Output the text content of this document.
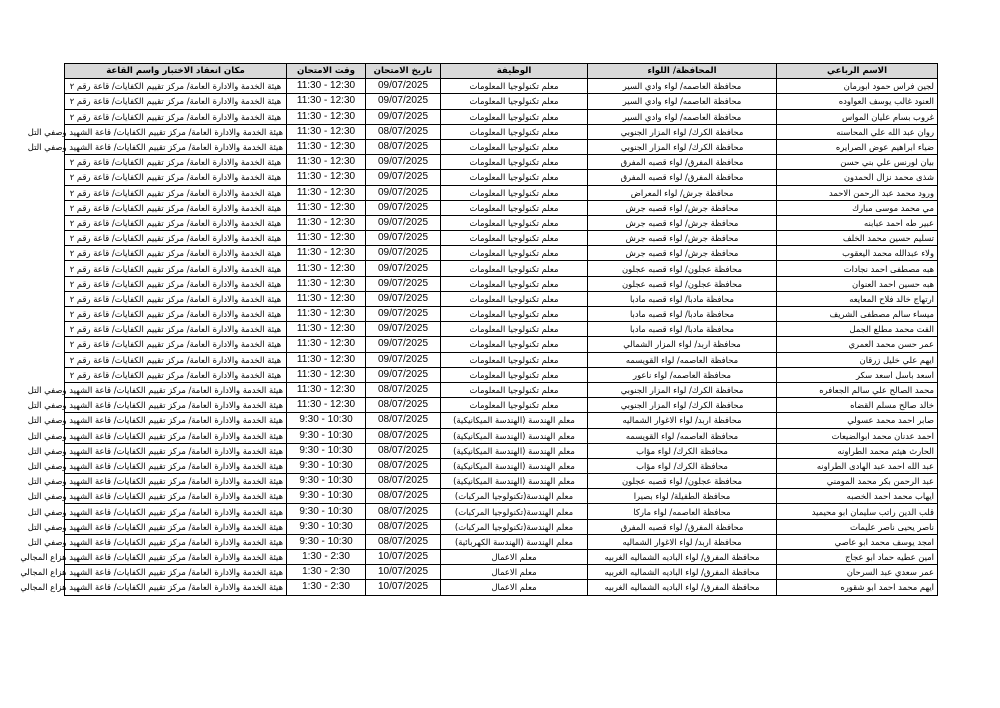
الاسم الرباعي	المحافظة/ اللواء	الوظيفة	تاريخ الامتحان	وقت الامتحان	مكان انعقاد الاختبار واسم القاعة
لجين فراس حمود ابورمان	محافظة العاصمه/ لواء وادي السير	معلم تكنولوجيا المعلومات	09/07/2025	11:30 - 12:30	هيئة الخدمة والادارة العامة/ مركز تقييم الكفايات/ قاعة رقم ٢
العنود غالب يوسف العواوده	محافظة العاصمه/ لواء وادي السير	معلم تكنولوجيا المعلومات	09/07/2025	11:30 - 12:30	هيئة الخدمة والادارة العامة/ مركز تقييم الكفايات/ قاعة رقم ٢
غروب بسام عليان المواس	محافظة العاصمه/ لواء وادي السير	معلم تكنولوجيا المعلومات	09/07/2025	11:30 - 12:30	هيئة الخدمة والادارة العامة/ مركز تقييم الكفايات/ قاعة رقم ٢
روان عبد الله علي المحاسنه	محافظة الكرك/ لواء المزار الجنوبي	معلم تكنولوجيا المعلومات	08/07/2025	11:30 - 12:30	هيئة الخدمة والادارة العامة/ مركز تقييم الكفايات/ قاعة الشهيد وصفي التل
ضياء ابراهيم عوض الصرايره	محافظة الكرك/ لواء المزار الجنوبي	معلم تكنولوجيا المعلومات	08/07/2025	11:30 - 12:30	هيئة الخدمة والادارة العامة/ مركز تقييم الكفايات/ قاعة الشهيد وصفي التل
بيان لورنس علي بني حسن	محافظة المفرق/ لواء قصبه المفرق	معلم تكنولوجيا المعلومات	09/07/2025	11:30 - 12:30	هيئة الخدمة والادارة العامة/ مركز تقييم الكفايات/ قاعة رقم ٢
شذى محمد نزال الحمدون	محافظة المفرق/ لواء قصبه المفرق	معلم تكنولوجيا المعلومات	09/07/2025	11:30 - 12:30	هيئة الخدمة والادارة العامة/ مركز تقييم الكفايات/ قاعة رقم ٢
ورود محمد عبد الرحمن الاحمد	محافظة جرش/ لواء المعراض	معلم تكنولوجيا المعلومات	09/07/2025	11:30 - 12:30	هيئة الخدمة والادارة العامة/ مركز تقييم الكفايات/ قاعة رقم ٢
مي محمد موسى مبارك	محافظة جرش/ لواء قصبه جرش	معلم تكنولوجيا المعلومات	09/07/2025	11:30 - 12:30	هيئة الخدمة والادارة العامة/ مركز تقييم الكفايات/ قاعة رقم ٢
عبير طه احمد عبابنه	محافظة جرش/ لواء قصبه جرش	معلم تكنولوجيا المعلومات	09/07/2025	11:30 - 12:30	هيئة الخدمة والادارة العامة/ مركز تقييم الكفايات/ قاعة رقم ٢
تسليم حسين محمد الخلف	محافظة جرش/ لواء قصبه جرش	معلم تكنولوجيا المعلومات	09/07/2025	11:30 - 12:30	هيئة الخدمة والادارة العامة/ مركز تقييم الكفايات/ قاعة رقم ٢
ولاء عبدالله محمد اليعقوب	محافظة جرش/ لواء قصبه جرش	معلم تكنولوجيا المعلومات	09/07/2025	11:30 - 12:30	هيئة الخدمة والادارة العامة/ مركز تقييم الكفايات/ قاعة رقم ٢
هبه مصطفى احمد نجادات	محافظة عجلون/ لواء قصبه عجلون	معلم تكنولوجيا المعلومات	09/07/2025	11:30 - 12:30	هيئة الخدمة والادارة العامة/ مركز تقييم الكفايات/ قاعة رقم ٢
هبه حسين احمد العنوان	محافظة عجلون/ لواء قصبه عجلون	معلم تكنولوجيا المعلومات	09/07/2025	11:30 - 12:30	هيئة الخدمة والادارة العامة/ مركز تقييم الكفايات/ قاعة رقم ٢
ارتهاج خالد فلاح المعايعه	محافظة مادبا/ لواء قصبه مادبا	معلم تكنولوجيا المعلومات	09/07/2025	11:30 - 12:30	هيئة الخدمة والادارة العامة/ مركز تقييم الكفايات/ قاعة رقم ٢
ميساء سالم مصطفى الشريف	محافظة مادبا/ لواء قصبه مادبا	معلم تكنولوجيا المعلومات	09/07/2025	11:30 - 12:30	هيئة الخدمة والادارة العامة/ مركز تقييم الكفايات/ قاعة رقم ٢
الفت محمد مطلع الجمل	محافظة مادبا/ لواء قصبه مادبا	معلم تكنولوجيا المعلومات	09/07/2025	11:30 - 12:30	هيئة الخدمة والادارة العامة/ مركز تقييم الكفايات/ قاعة رقم ٢
عمر حسن محمد العمري	محافظة اربد/ لواء المزار الشمالي	معلم تكنولوجيا المعلومات	09/07/2025	11:30 - 12:30	هيئة الخدمة والادارة العامة/ مركز تقييم الكفايات/ قاعة رقم ٢
ايهم علي خليل زرقان	محافظة العاصمه/ لواء القويسمه	معلم تكنولوجيا المعلومات	09/07/2025	11:30 - 12:30	هيئة الخدمة والادارة العامة/ مركز تقييم الكفايات/ قاعة رقم ٢
اسعد باسل اسعد سكر	محافظة العاصمه/ لواء ناعور	معلم تكنولوجيا المعلومات	09/07/2025	11:30 - 12:30	هيئة الخدمة والادارة العامة/ مركز تقييم الكفايات/ قاعة رقم ٢
محمد الصالح علي سالم الجعافره	محافظة الكرك/ لواء المزار الجنوبي	معلم تكنولوجيا المعلومات	08/07/2025	11:30 - 12:30	هيئة الخدمة والادارة العامة/ مركز تقييم الكفايات/ قاعة الشهيد وصفي التل
خالد صالح مسلم القضاه	محافظة الكرك/ لواء المزار الجنوبي	معلم تكنولوجيا المعلومات	08/07/2025	11:30 - 12:30	هيئة الخدمة والادارة العامة/ مركز تقييم الكفايات/ قاعة الشهيد وصفي التل
صابر احمد محمد عسولي	محافظة اربد/ لواء الاغوار الشماليه	معلم الهندسة (الهندسة الميكانيكية)	08/07/2025	9:30 - 10:30	هيئة الخدمة والادارة العامة/ مركز تقييم الكفايات/ قاعة الشهيد وصفي التل
احمد عدنان محمد ابوالضيعات	محافظة العاصمه/ لواء القويسمه	معلم الهندسة (الهندسة الميكانيكية)	08/07/2025	9:30 - 10:30	هيئة الخدمة والادارة العامة/ مركز تقييم الكفايات/ قاعة الشهيد وصفي التل
الحارث هيثم محمد الطراونه	محافظة الكرك/ لواء مؤاب	معلم الهندسة (الهندسة الميكانيكية)	08/07/2025	9:30 - 10:30	هيئة الخدمة والادارة العامة/ مركز تقييم الكفايات/ قاعة الشهيد وصفي التل
عبد الله احمد عبد الهادى الطراونه	محافظة الكرك/ لواء مؤاب	معلم الهندسة (الهندسة الميكانيكية)	08/07/2025	9:30 - 10:30	هيئة الخدمة والادارة العامة/ مركز تقييم الكفايات/ قاعة الشهيد وصفي التل
عبد الرحمن بكر محمد المومني	محافظة عجلون/ لواء قصبه عجلون	معلم الهندسة (الهندسة الميكانيكية)	08/07/2025	9:30 - 10:30	هيئة الخدمة والادارة العامة/ مركز تقييم الكفايات/ قاعة الشهيد وصفي التل
ايهاب محمد احمد الخصبه	محافظة الطفيلة/ لواء بصيرا	معلم الهندسة(تكنولوجيا المركبات)	08/07/2025	9:30 - 10:30	هيئة الخدمة والادارة العامة/ مركز تقييم الكفايات/ قاعة الشهيد وصفي التل
قلب الدين راتب سليمان ابو محيميد	محافظة العاصمه/ لواء ماركا	معلم الهندسة(تكنولوجيا المركبات)	08/07/2025	9:30 - 10:30	هيئة الخدمة والادارة العامة/ مركز تقييم الكفايات/ قاعة الشهيد وصفي التل
ناصر يحيى ناصر عليمات	محافظة المفرق/ لواء قصبه المفرق	معلم الهندسة(تكنولوجيا المركبات)	08/07/2025	9:30 - 10:30	هيئة الخدمة والادارة العامة/ مركز تقييم الكفايات/ قاعة الشهيد وصفي التل
امجد يوسف محمد ابو عاصي	محافظة اربد/ لواء الاغوار الشماليه	معلم الهندسة (الهندسة الكهربائية)	08/07/2025	9:30 - 10:30	هيئة الخدمة والادارة العامة/ مركز تقييم الكفايات/ قاعة الشهيد وصفي التل
امين عطيه حماد ابو عجاج	محافظة المفرق/ لواء الباديه الشماليه الغربيه	معلم الاعمال	10/07/2025	1:30 - 2:30	هيئة الخدمة والادارة العامة/ مركز تقييم الكفايات/ قاعة الشهيد هزاع المجالي
عمر سعدي عبد السرحان	محافظة المفرق/ لواء الباديه الشماليه الغربيه	معلم الاعمال	10/07/2025	1:30 - 2:30	هيئة الخدمة والادارة العامة/ مركز تقييم الكفايات/ قاعة الشهيد هزاع المجالي
ايهم محمد احمد ابو شقوره	محافظة المفرق/ لواء الباديه الشماليه الغربيه	معلم الاعمال	10/07/2025	1:30 - 2:30	هيئة الخدمة والادارة العامة/ مركز تقييم الكفايات/ قاعة الشهيد هزاع المجالي
